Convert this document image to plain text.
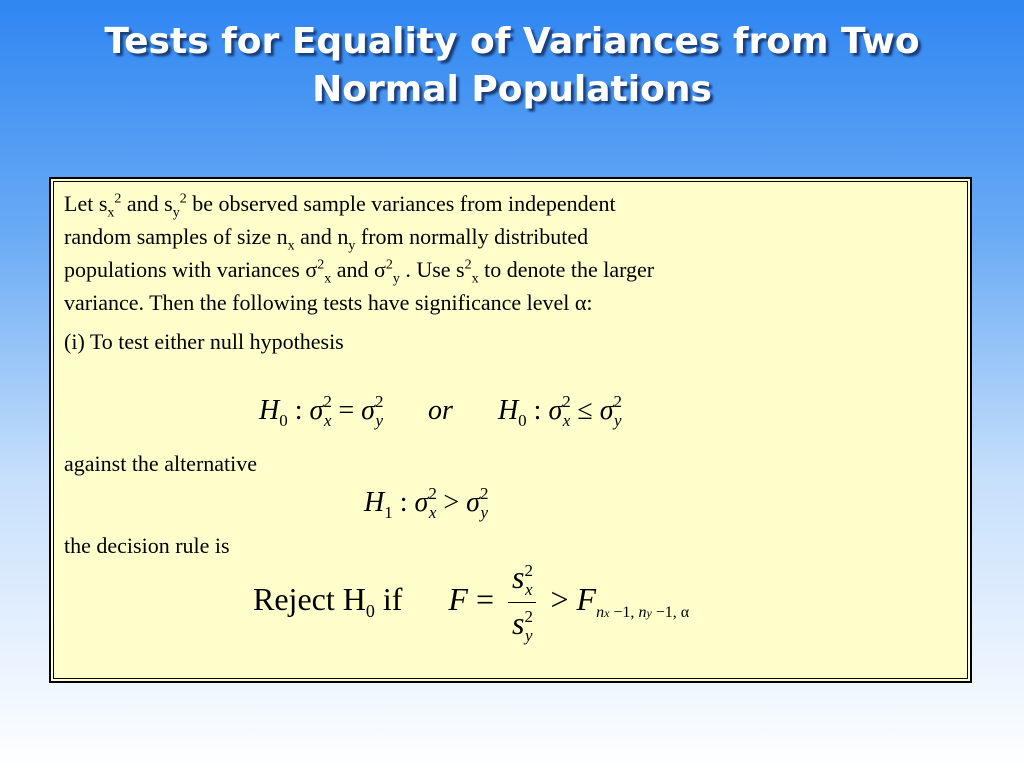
Tests for Equality of Variances from Two
Normal Populations
Let $s_x^2$ and $s_y^2$ be observed sample variances from independent
random samples of size $n_x$ and $n_y$ from normally distributed
populations with variances $\sigma^2_x$ and $\sigma^2_y$ . Use $s^2_x$ to denote the larger
variance. Then the following tests have significance level α:
(i) To test either null hypothesis
$H_0$ : $\sigma^2_x = \sigma^2_y$ or $H_0$ : $\sigma^2_x \le \sigma^2_y$
against the alternative
$H_1$ : $\sigma^2_x > \sigma^2_y$
the decision rule is
Reject $H_0$ if $F = \frac{s^2_x}{s^2_y} > F_{nx -1, ny -1, \alpha}$
